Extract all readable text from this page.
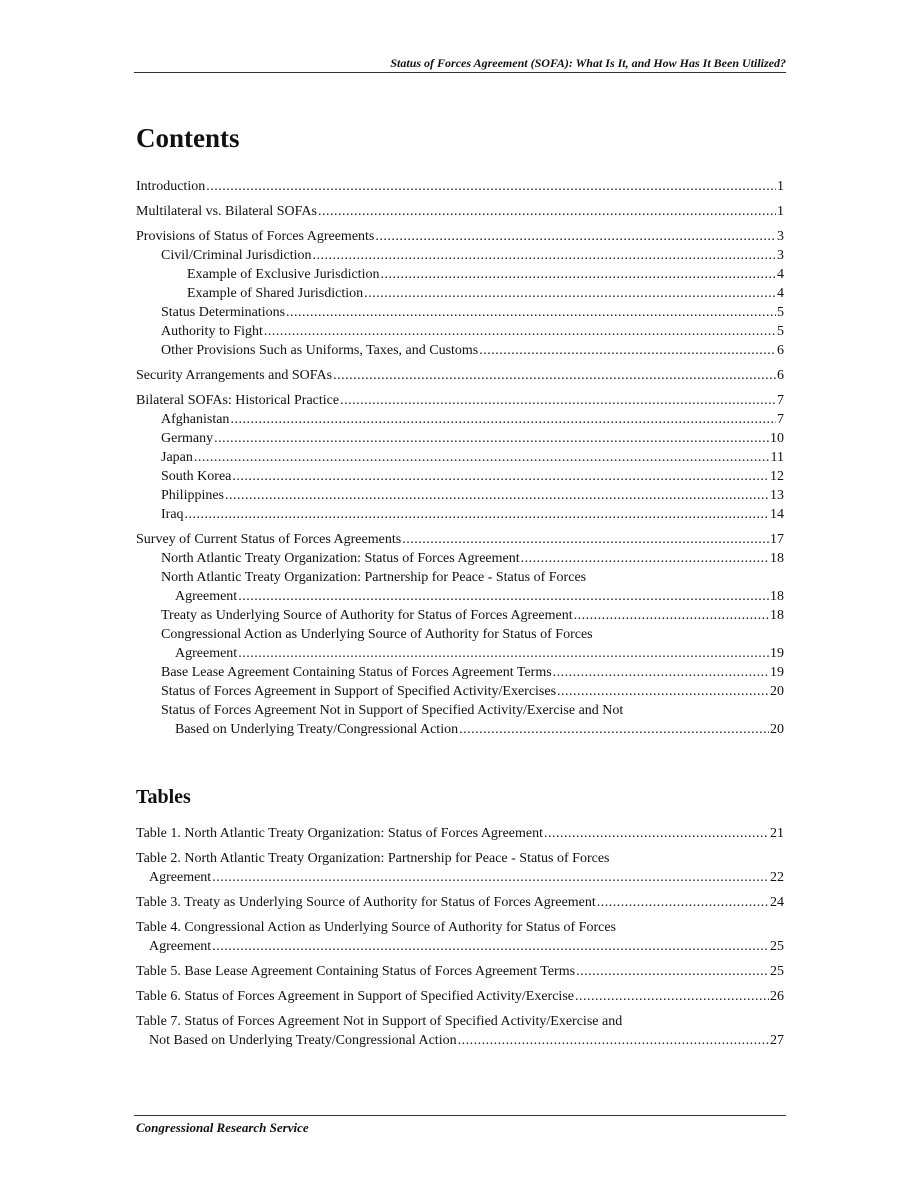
Status of Forces Agreement (SOFA): What Is It, and How Has It Been Utilized?
Contents
Introduction .....	1
Multilateral vs. Bilateral SOFAs .....	1
Provisions of Status of Forces Agreements .....	3
Civil/Criminal Jurisdiction .....	3
Example of Exclusive Jurisdiction .....	4
Example of Shared Jurisdiction .....	4
Status Determinations .....	5
Authority to Fight .....	5
Other Provisions Such as Uniforms, Taxes, and Customs .....	6
Security Arrangements and SOFAs .....	6
Bilateral SOFAs: Historical Practice .....	7
Afghanistan .....	7
Germany .....	10
Japan .....	11
South Korea .....	12
Philippines .....	13
Iraq .....	14
Survey of Current Status of Forces Agreements .....	17
North Atlantic Treaty Organization: Status of Forces Agreement .....	18
North Atlantic Treaty Organization: Partnership for Peace - Status of Forces
Agreement .....	18
Treaty as Underlying Source of Authority for Status of Forces Agreement .....	18
Congressional Action as Underlying Source of Authority for Status of Forces
Agreement .....	19
Base Lease Agreement Containing Status of Forces Agreement Terms .....	19
Status of Forces Agreement in Support of Specified Activity/Exercises .....	20
Status of Forces Agreement Not in Support of Specified Activity/Exercise and Not
Based on Underlying Treaty/Congressional Action .....	20
Tables
Table 1. North Atlantic Treaty Organization: Status of Forces Agreement .....	21
Table 2. North Atlantic Treaty Organization: Partnership for Peace - Status of Forces
Agreement .....	22
Table 3. Treaty as Underlying Source of Authority for Status of Forces Agreement .....	24
Table 4. Congressional Action as Underlying Source of Authority for Status of Forces
Agreement .....	25
Table 5. Base Lease Agreement Containing Status of Forces Agreement Terms .....	25
Table 6. Status of Forces Agreement in Support of Specified Activity/Exercise .....	26
Table 7. Status of Forces Agreement Not in Support of Specified Activity/Exercise and
Not Based on Underlying Treaty/Congressional Action .....	27
Congressional Research Service
